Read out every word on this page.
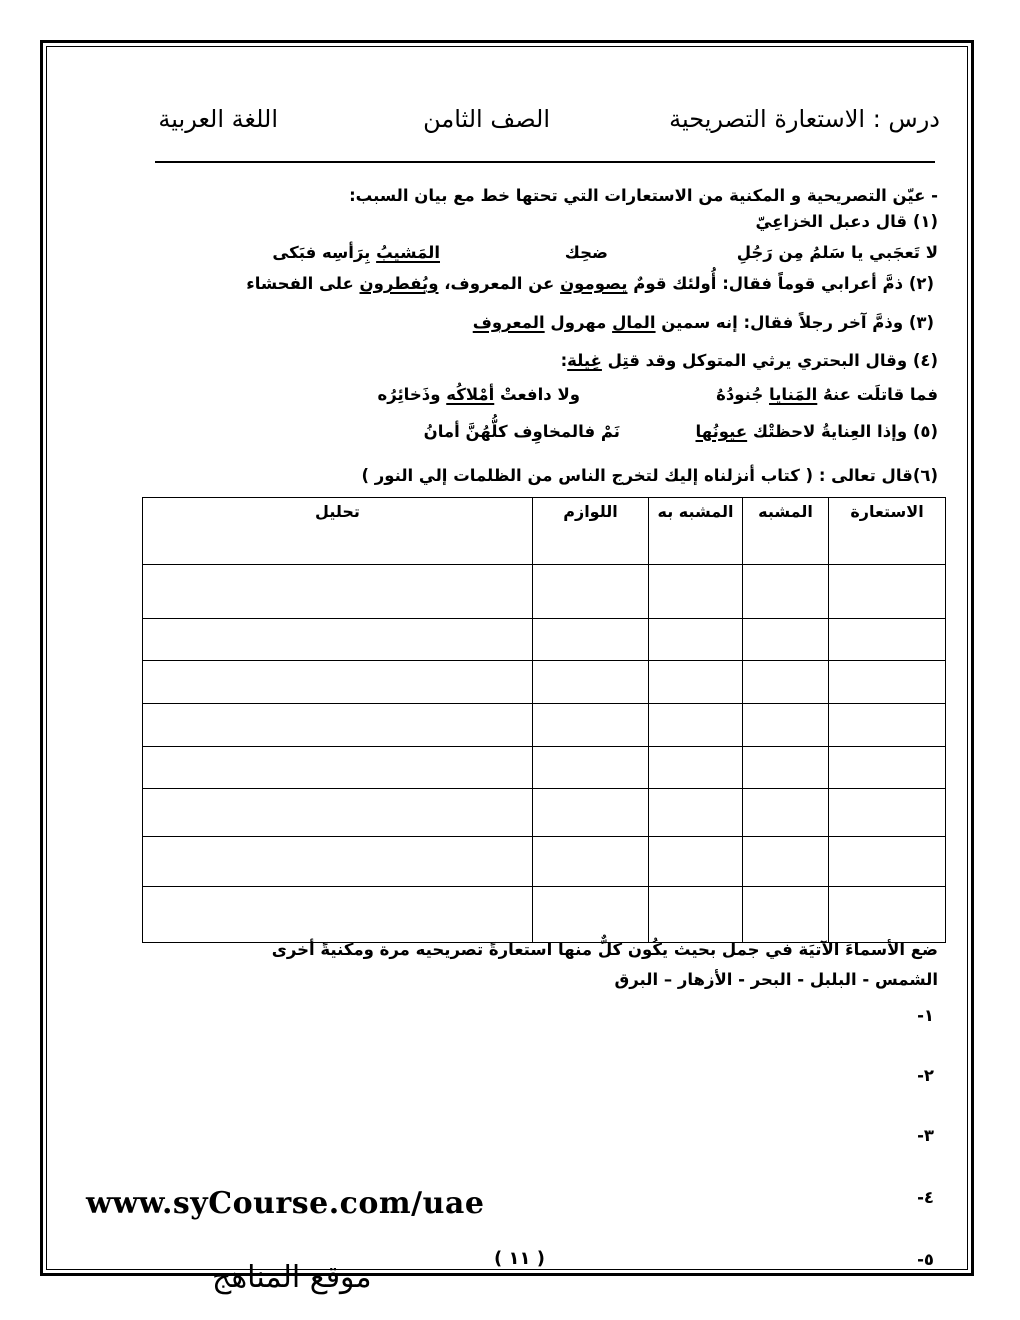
درس : الاستعارة التصريحية
الصف الثامن
اللغة العربية
- عيّن التصريحية و المكنية من الاستعارات التي تحتها خط مع بيان السبب:
(١) قال دعبل الخزاعِيّ
لا تَعجَبي يا سَلمُ مِن رَجُلِ
ضحِك
المَشيبُ بِرَأسِه فبَكى
(٢) ذمَّ أعرابي قوماً فقال: أُولئك قومٌ يصومون عن المعروف، ويُفطرون على الفحشاء
(٣) وذمَّ آخر رجلاً فقال: إنه سمين المال مهرول المعروف
(٤) وقال البحتري يرثي المتوكل وقد قتِل غِيلة:
فما قاتلَت عنهُ المَنايا جُنودُهُ
ولا دافعتْ أمْلاكُه وذَخائِرُه
(٥) وإذا العِنايةُ لاحظتْك عيونُها
نَمْ فالمخاوِف كلُّهُنَّ أمانُ
(٦)قال تعالى : ( كتاب أنزلناه إليك لتخرج الناس من الظلمات إلي النور )
الاستعارة	المشبه	المشبه به	اللوازم	تحليل

ضع الأسماءَ الآتيَة في جمل بحيث يكُون كلٌّ منها استعارةً تصريحيه مرة ومكنيةً أخرى
الشمس - البلبل - البحر - الأزهار – البرق
-١
-٢
-٣
-٤
-٥
www.syCourse.com/uae
( ١١ )
موقع المناهج
